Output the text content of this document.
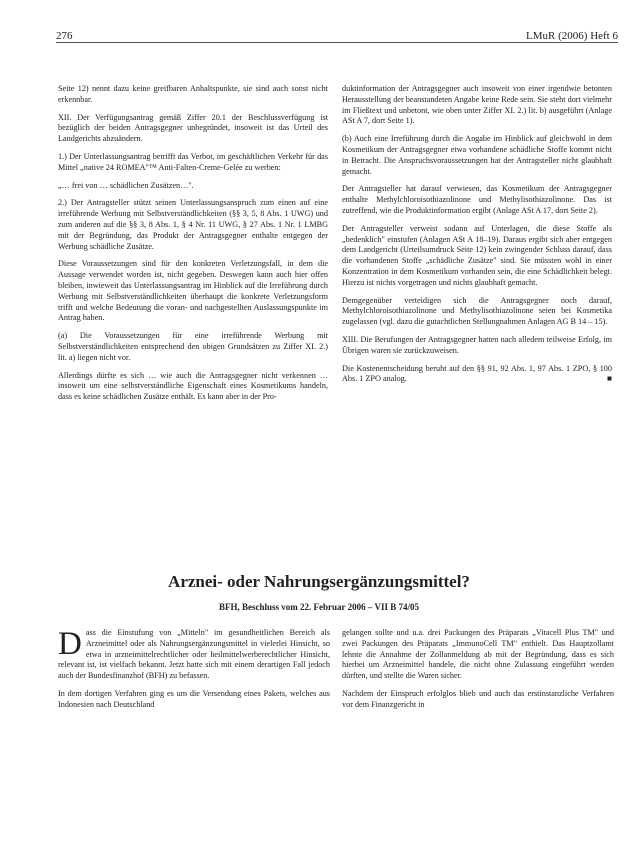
276	LMuR (2006) Heft 6

Seite 12) nennt dazu keine greifbaren Anhaltspunkte, sie sind auch sonst nicht erkennbar.

XII. Der Verfügungsantrag gemäß Ziffer 20.1 der Beschlussverfügung ist bezüglich der beiden Antragsgegner unbegründet, insoweit ist das Urteil des Landgerichts abzuändern.

1.) Der Unterlassungsantrag betrifft das Verbot, im geschäftlichen Verkehr für das Mittel „native 24 ROMEA"™ Anti-Falten-Creme-Gelée zu werben:

„… frei von … schädlichen Zusätzen…".

2.) Der Antragsteller stützt seinen Unterlassungsanspruch zum einen auf eine irreführende Werbung mit Selbstverständlichkeiten (§§ 3, 5, 8 Abs. 1 UWG) und zum anderen auf die §§ 3, 8 Abs. 1, § 4 Nr. 11 UWG, § 27 Abs. 1 Nr. 1 LMBG mit der Begründung, das Produkt der Antragsgegner enthalte entgegen der Werbung schädliche Zusätze.

Diese Voraussetzungen sind für den konkreten Verletzungsfall, in dem die Aussage verwendet worden ist, nicht gegeben. Deswegen kann auch hier offen bleiben, inwieweit das Unterlassungsantrag im Hinblick auf die Irreführung durch Werbung mit Selbstverständlichkeiten überhaupt die konkrete Verletzungsform trifft und welche Bedeutung die voran- und nachgestellten Auslassungspunkte im Antrag haben.

(a) Die Voraussetzungen für eine irreführende Werbung mit Selbstverständlichkeiten entsprechend den obigen Grundsätzen zu Ziffer XI. 2.) lit. a) liegen nicht vor.

Allerdings dürfte es sich … wie auch die Antragsgegner nicht verkennen … insoweit um eine selbstverständliche Eigenschaft eines Kosmetikums handeln, dass es keine schädlichen Zusätze enthält. Es kann aber in der Pro-

duktinformation der Antragsgegner auch insoweit von einer irgendwie betonten Herausstellung der beanstandeten Angabe keine Rede sein. Sie steht dort vielmehr im Fließtext und unbetont, wie oben unter Ziffer XI. 2.) lit. b) ausgeführt (Anlage ASt A 7, dort Seite 1).

(b) Auch eine Irreführung durch die Angabe im Hinblick auf gleichwohl in dem Kosmetikum der Antragsgegner etwa vorhandene schädliche Stoffe kommt nicht in Betracht. Die Anspruchsvoraussetzungen hat der Antragsteller nicht glaubhaft gemacht.

Der Antragsteller hat darauf verwiesen, das Kosmetikum der Antragsgegner enthalte Methylchloroisothiazolinone und Methylisothiazolinone. Das ist zutreffend, wie die Produktinformation ergibt (Anlage ASt A 17, dort Seite 2).

Der Antragsteller verweist sodann auf Unterlagen, die diese Stoffe als „bedenklich" einstufen (Anlagen ASt A 18–19). Daraus ergibt sich aber entgegen dem Landgericht (Urteilsumdruck Seite 12) kein zwingender Schluss darauf, dass die vorhandenen Stoffe „schädliche Zusätze" sind. Sie müssten wohl in einer Konzentration in dem Kosmetikum vorhanden sein, die eine Schädlichkeit belegt. Hierzu ist nichts vorgetragen und nichts glaubhaft gemacht.

Demgegenüber verteidigen sich die Antragsgegner noch darauf, Methylchloroisothiazolinone und Methylisothiazolinone seien bei Kosmetika zugelassen (vgl. dazu die gutachtlichen Stellungnahmen Anlagen AG B 14 – 15).

XIII. Die Berufungen der Antragsgegner hatten nach alledem teilweise Erfolg, im Übrigen waren sie zurückzuweisen.

Die Kostenentscheidung beruht auf den §§ 91, 92 Abs. 1, 97 Abs. 1 ZPO, § 100 Abs. 1 ZPO analog.	■

Arznei- oder Nahrungsergänzungsmittel?
BFH, Beschluss vom 22. Februar 2006 – VII B 74/05

Dass die Einstufung von „Mitteln" im gesundheitlichen Bereich als Arzneimittel oder als Nahrungsergänzungsmittel in vielerlei Hinsicht, so etwa in arzneimittelrechtlicher oder heilmittelwerberechtlicher Hinsicht, relevant ist, ist vielfach bekannt. Jetzt hatte sich mit einem derartigen Fall jedoch auch der Bundesfinanzhof (BFH) zu befassen.

In dem dortigen Verfahren ging es um die Versendung eines Pakets, welches aus Indonesien nach Deutschland

gelangen sollte und u.a. drei Packungen des Präparats „Vitacell Plus TM" und zwei Packungen des Präparats „ImmunoCell TM" enthielt. Das Hauptzollamt lehnte die Annahme der Zollanmeldung ab mit der Begründung, dass es sich hierbei um Arzneimittel handele, die nicht ohne Zulassung eingeführt werden dürften, und stellte die Waren sicher.

Nachdem der Einspruch erfolglos blieb und auch das erstinstanzliche Verfahren vor dem Finanzgericht in
